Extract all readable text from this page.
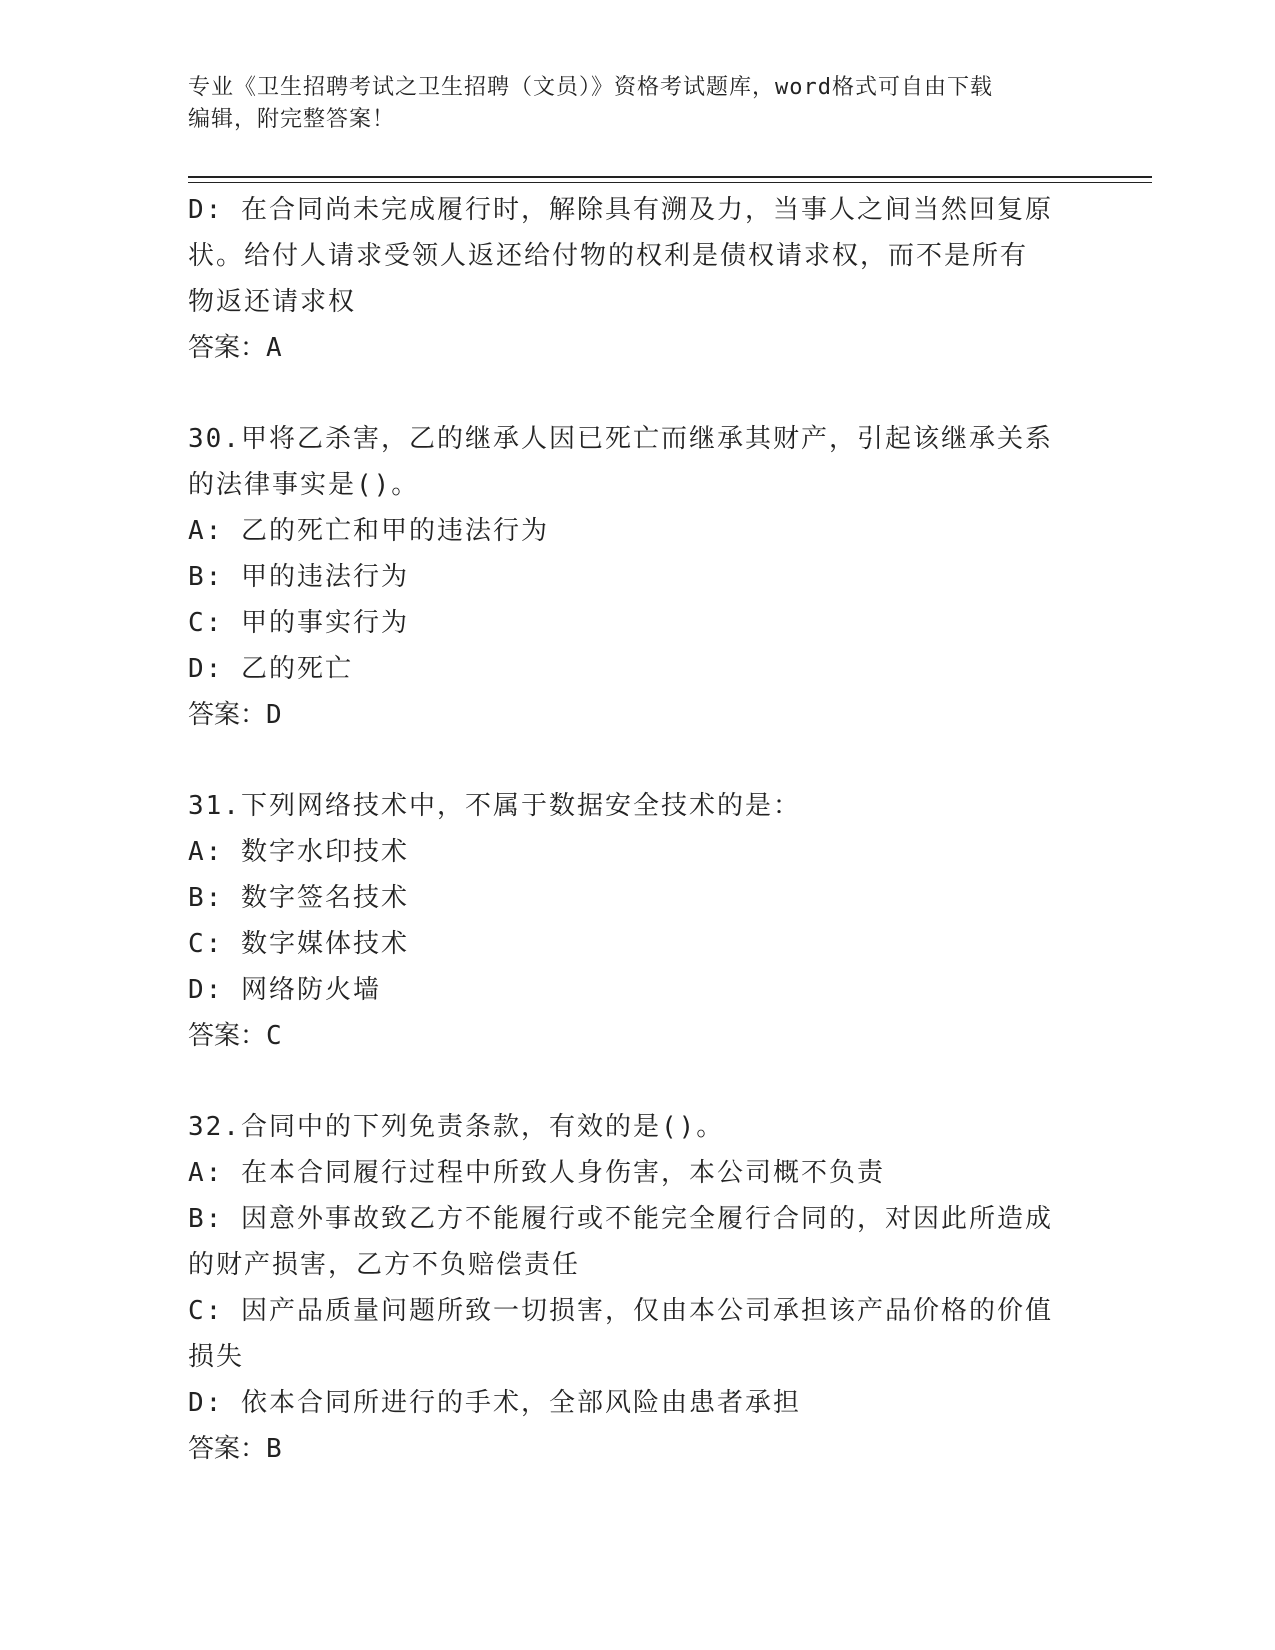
专业《卫生招聘考试之卫生招聘（文员）》资格考试题库，word格式可自由下载
编辑，附完整答案！
D: 在合同尚未完成履行时，解除具有溯及力，当事人之间当然回复原
状。给付人请求受领人返还给付物的权利是债权请求权，而不是所有
物返还请求权
答案：A
30.甲将乙杀害，乙的继承人因已死亡而继承其财产，引起该继承关系
的法律事实是()。
A: 乙的死亡和甲的违法行为
B: 甲的违法行为
C: 甲的事实行为
D: 乙的死亡
答案：D
31.下列网络技术中，不属于数据安全技术的是：
A: 数字水印技术
B: 数字签名技术
C: 数字媒体技术
D: 网络防火墙
答案：C
32.合同中的下列免责条款，有效的是()。
A: 在本合同履行过程中所致人身伤害，本公司概不负责
B: 因意外事故致乙方不能履行或不能完全履行合同的，对因此所造成
的财产损害，乙方不负赔偿责任
C: 因产品质量问题所致一切损害，仅由本公司承担该产品价格的价值
损失
D: 依本合同所进行的手术，全部风险由患者承担
答案：B
